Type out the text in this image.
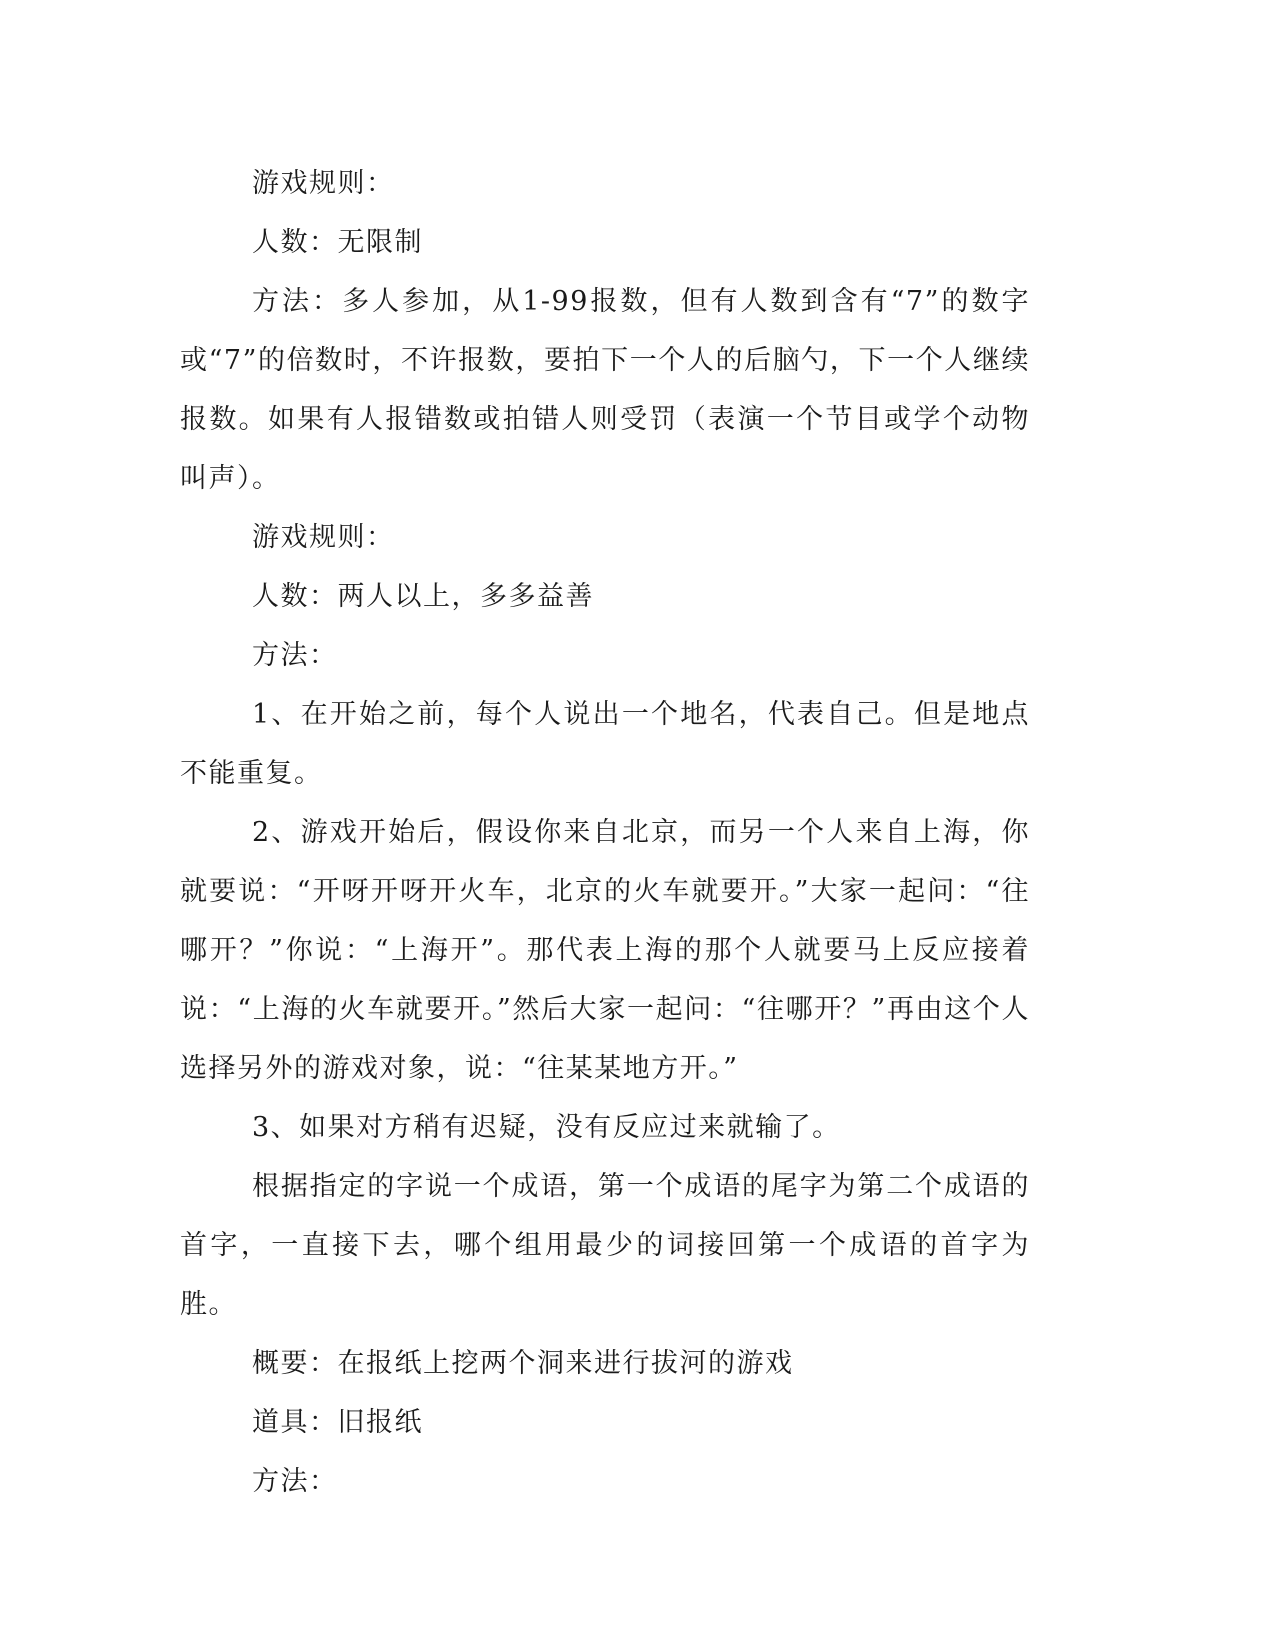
游戏规则：

人数：无限制

方法：多人参加，从1-99报数，但有人数到含有“7”的数字或“7”的倍数时，不许报数，要拍下一个人的后脑勺，下一个人继续报数。如果有人报错数或拍错人则受罚（表演一个节目或学个动物叫声）。

游戏规则：

人数：两人以上，多多益善

方法：

1、在开始之前，每个人说出一个地名，代表自己。但是地点不能重复。

2、游戏开始后，假设你来自北京，而另一个人来自上海，你就要说：“开呀开呀开火车，北京的火车就要开。”大家一起问：“往哪开？”你说：“上海开”。那代表上海的那个人就要马上反应接着说：“上海的火车就要开。”然后大家一起问：“往哪开？”再由这个人选择另外的游戏对象，说：“往某某地方开。”

3、如果对方稍有迟疑，没有反应过来就输了。

根据指定的字说一个成语，第一个成语的尾字为第二个成语的首字，一直接下去，哪个组用最少的词接回第一个成语的首字为胜。

概要：在报纸上挖两个洞来进行拔河的游戏

道具：旧报纸

方法：
